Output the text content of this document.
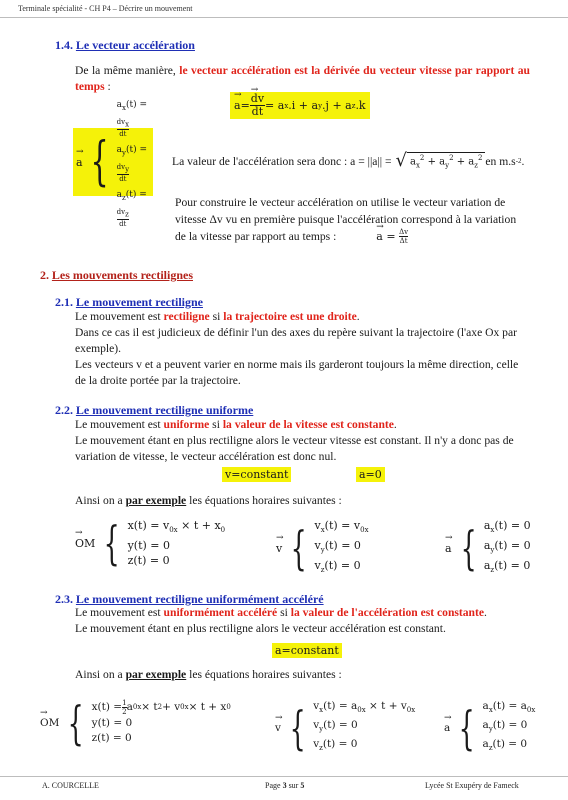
Terminale spécialité - CH P4 – Décrire un mouvement
1.4. Le vecteur accélération
De la même manière, le vecteur accélération est la dérivée du vecteur vitesse par rapport au temps :
→ a = → $\frac{dv}{dt} = a$ x .i + a y .j + a z .k
→ a {
$a_x(t)$ =
$dv_x$
dt
$a_y(t)$ =
$dv_y$
dt
$a_z(t)$ =
$dv_z$
dt
La valeur de l'accélération sera donc : a = ||a|| = √ $a_x^2 + a_y^2 + a_z^2$ en m.s -2 .
Pour construire le vecteur accélération on utilise le vecteur variation de
vitesse Δv vu en première puisque l'accélération correspond à la variation
de la vitesse par rapport au temps :	→ a = Δv
Δt
2. Les mouvements rectilignes
2.1. Le mouvement rectiligne
Le mouvement est rectiligne si la trajectoire est une droite.
Dans ce cas il est judicieux de définir l'un des axes du repère suivant la trajectoire (l'axe Ox par
exemple).
Les vecteurs v et a peuvent varier en norme mais ils garderont toujours la même direction, celle
de la droite portée par la trajectoire.
2.2. Le mouvement rectiligne uniforme
Le mouvement est uniforme si la valeur de la vitesse est constante.
Le mouvement étant en plus rectiligne alors le vecteur vitesse est constant. Il n'y a donc pas de
variation de vitesse, le vecteur accélération est donc nul.
v=constant	a=0
Ainsi on a par exemple les équations horaires suivantes :
→ OM { $x(t) = v_{0x} \times t + x_0$
y(t) = 0
z(t) = 0
→ v { $v_x(t) = v_{0x}$
$v_y(t) = 0$
$v_z(t) = 0$
→ a { $a_x(t) = 0$
$a_y(t) = 0$
$a_z(t) = 0$
2.3. Le mouvement rectiligne uniformément accéléré
Le mouvement est uniformément accéléré si la valeur de l'accélération est constante.
Le mouvement étant en plus rectiligne alors le vecteur accélération est constant.
a=constant
Ainsi on a par exemple les équations horaires suivantes :
→ OM { $x(t) = \frac{1}{2}$ a 0x × t 2 + v 0x × t + x 0
y(t) = 0
z(t) = 0
→ v { $v_x(t) = a_{0x} \times t + v_{0x}$
$v_y(t) = 0$
$v_z(t) = 0$
→ a { $a_x(t) = a_{0x}$
$a_y(t) = 0$
$a_z(t) = 0$
A. COURCELLE	Page 3 sur 5	Lycée St Exupéry de Fameck
